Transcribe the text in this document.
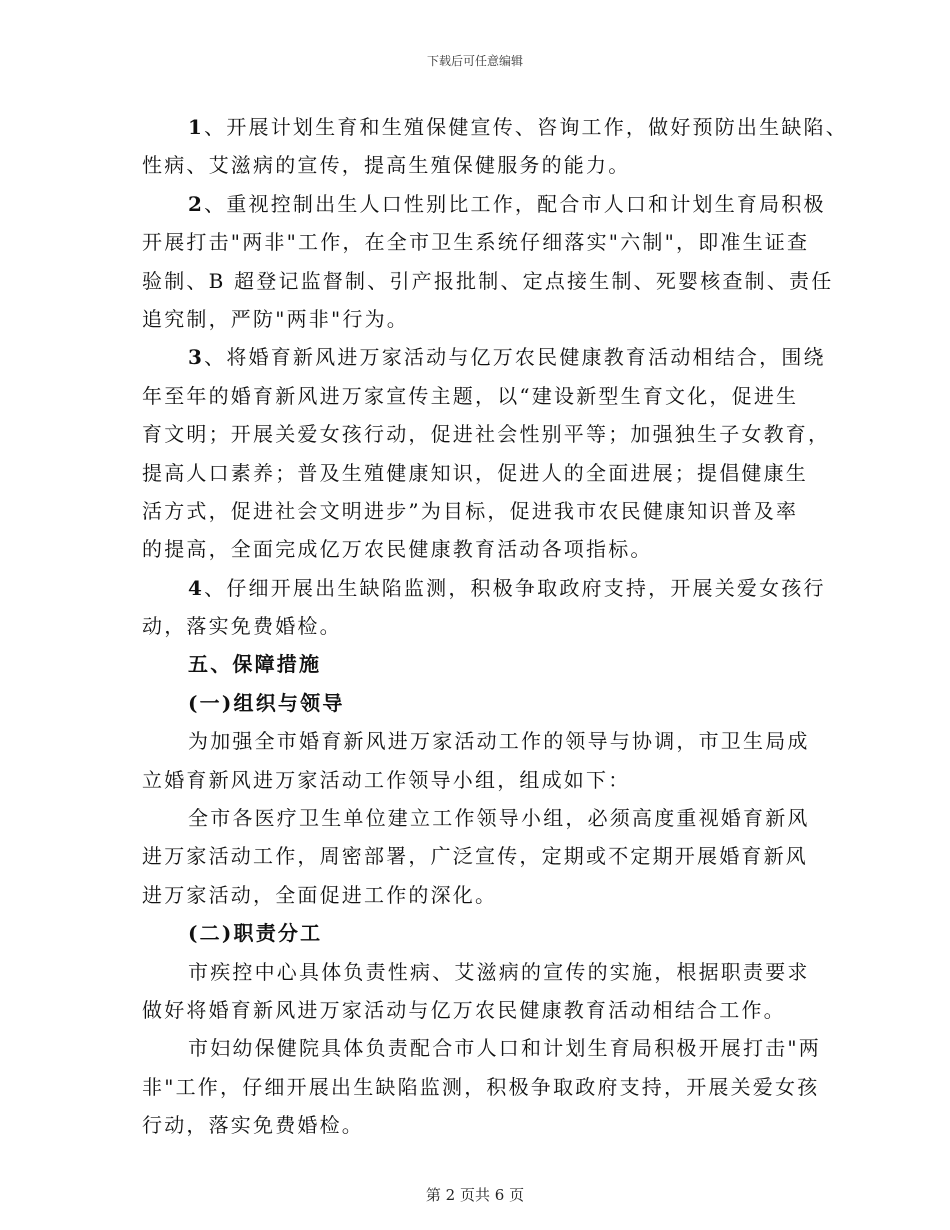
下载后可任意编辑
1、开展计划生育和生殖保健宣传、咨询工作，做好预防出生缺陷、
性病、艾滋病的宣传，提高生殖保健服务的能力。
2、重视控制出生人口性别比工作，配合市人口和计划生育局积极
开展打击"两非"工作，在全市卫生系统仔细落实"六制"，即准生证查
验制、B 超登记监督制、引产报批制、定点接生制、死婴核查制、责任
追究制，严防"两非"行为。
3、将婚育新风进万家活动与亿万农民健康教育活动相结合，围绕
年至年的婚育新风进万家宣传主题，以“建设新型生育文化，促进生
育文明；开展关爱女孩行动，促进社会性别平等；加强独生子女教育，
提高人口素养；普及生殖健康知识，促进人的全面进展；提倡健康生
活方式，促进社会文明进步”为目标，促进我市农民健康知识普及率
的提高，全面完成亿万农民健康教育活动各项指标。
4、仔细开展出生缺陷监测，积极争取政府支持，开展关爱女孩行
动，落实免费婚检。
五、保障措施
(一)组织与领导
为加强全市婚育新风进万家活动工作的领导与协调，市卫生局成
立婚育新风进万家活动工作领导小组，组成如下：
全市各医疗卫生单位建立工作领导小组，必须高度重视婚育新风
进万家活动工作，周密部署，广泛宣传，定期或不定期开展婚育新风
进万家活动，全面促进工作的深化。
(二)职责分工
市疾控中心具体负责性病、艾滋病的宣传的实施，根据职责要求
做好将婚育新风进万家活动与亿万农民健康教育活动相结合工作。
市妇幼保健院具体负责配合市人口和计划生育局积极开展打击"两
非"工作，仔细开展出生缺陷监测，积极争取政府支持，开展关爱女孩
行动，落实免费婚检。
第 2 页共 6 页
